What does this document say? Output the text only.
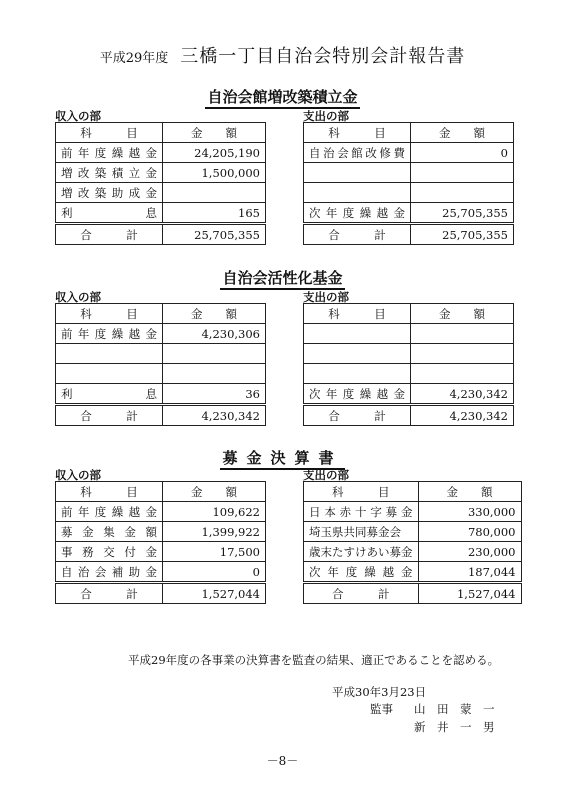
平成29年度 三橋一丁目自治会特別会計報告書
自治会館増改築積立金
収入の部	支出の部
科　　　目	金　　額
前年度繰越金	24,205,190
増改築積立金	1,500,000
増改築助成金	
利息	165
合　　　計	25,705,355
科　　　目	金　　額
自治会館改修費	0

次年度繰越金	25,705,355
合　　　計	25,705,355
自治会活性化基金
収入の部	支出の部
科　　　目	金　　額
前年度繰越金	4,230,306

利息	36
合　　　計	4,230,342
科　　　目	金　　額

次年度繰越金	4,230,342
合　　　計	4,230,342
募金決算書
収入の部	支出の部
科　　　目	金　　額
前年度繰越金	109,622
募金集金額	1,399,922
事務交付金	17,500
自治会補助金	0
合　　　計	1,527,044
科　　　目	金　　額
日本赤十字募金	330,000
埼玉県共同募金会	780,000
歳末たすけあい募金	230,000
次年度繰越金	187,044
合　　　計	1,527,044
平成29年度の各事業の決算書を監査の結果、適正であることを認める。
平成30年3月23日
監事 山　田　蒙　一
新　井　一　男
－8－
